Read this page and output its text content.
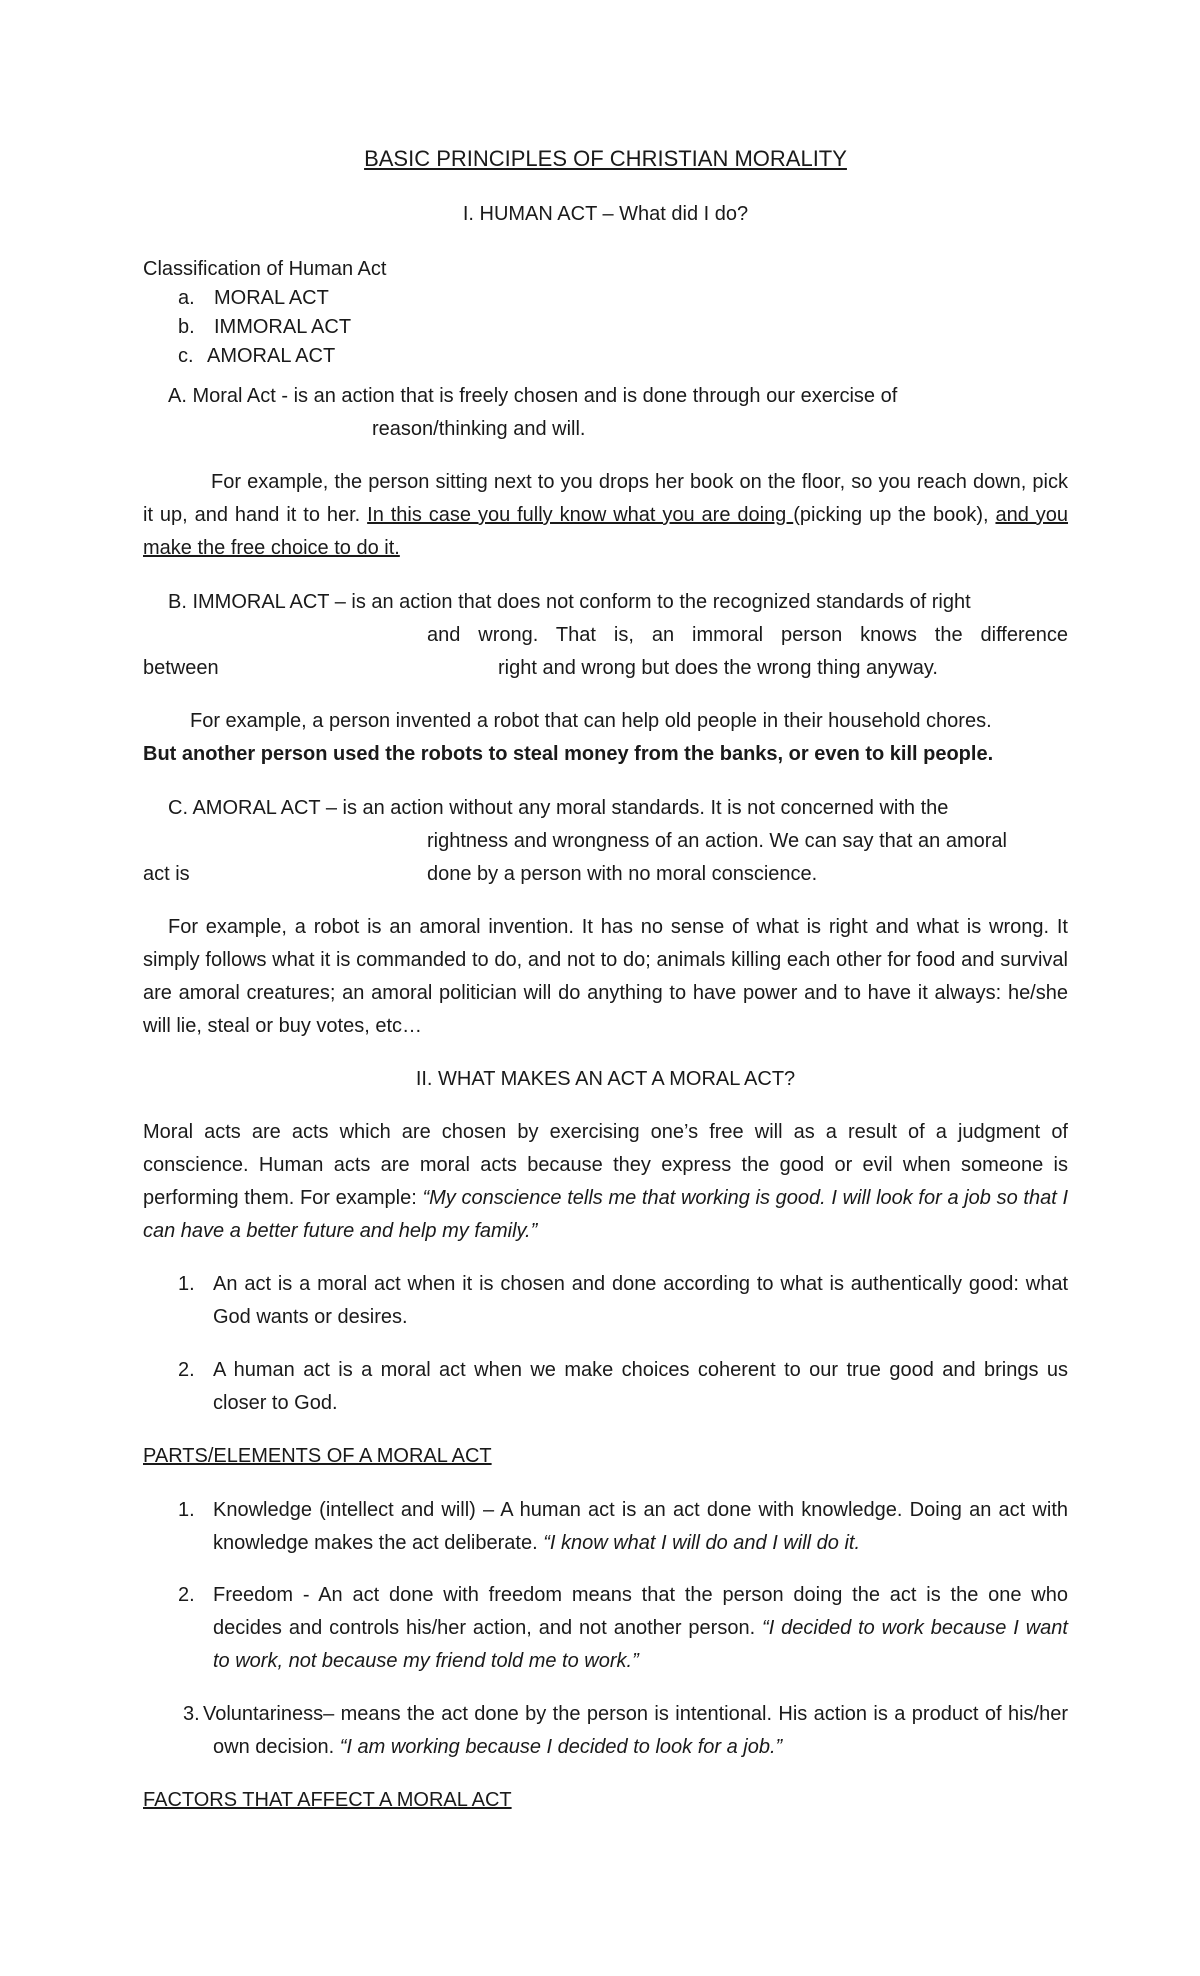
BASIC PRINCIPLES OF CHRISTIAN MORALITY

I. HUMAN ACT – What did I do?

Classification of Human Act

a. MORAL ACT

b. IMMORAL ACT

c. AMORAL ACT

A. Moral Act - is an action that is freely chosen and is done through our exercise of

reason/thinking and will.

For example, the person sitting next to you drops her book on the floor, so you reach down, pick it up, and hand it to her. In this case you fully know what you are doing (picking up the book), and you make the free choice to do it.

B. IMMORAL ACT – is an action that does not conform to the recognized standards of right

and wrong. That is, an immoral person knows the difference

between	right and wrong but does the wrong thing anyway.

For example, a person invented a robot that can help old people in their household chores.

But another person used the robots to steal money from the banks, or even to kill people.

C. AMORAL ACT – is an action without any moral standards. It is not concerned with the

rightness and wrongness of an action. We can say that an amoral

act is	done by a person with no moral conscience.

For example, a robot is an amoral invention. It has no sense of what is right and what is wrong. It simply follows what it is commanded to do, and not to do; animals killing each other for food and survival are amoral creatures; an amoral politician will do anything to have power and to have it always: he/she will lie, steal or buy votes, etc…

II. WHAT MAKES AN ACT A MORAL ACT?

Moral acts are acts which are chosen by exercising one’s free will as a result of a judgment of conscience. Human acts are moral acts because they express the good or evil when someone is performing them. For example: “My conscience tells me that working is good. I will look for a job so that I can have a better future and help my family.”

1. An act is a moral act when it is chosen and done according to what is authentically good: what God wants or desires.
2. A human act is a moral act when we make choices coherent to our true good and brings us closer to God.

PARTS/ELEMENTS OF A MORAL ACT

1. Knowledge (intellect and will) – A human act is an act done with knowledge. Doing an act with knowledge makes the act deliberate. “I know what I will do and I will do it.
2. Freedom - An act done with freedom means that the person doing the act is the one who decides and controls his/her action, and not another person. “I decided to work because I want to work, not because my friend told me to work.”
3. Voluntariness– means the act done by the person is intentional. His action is a product of his/her own decision. “I am working because I decided to look for a job.”

FACTORS THAT AFFECT A MORAL ACT
